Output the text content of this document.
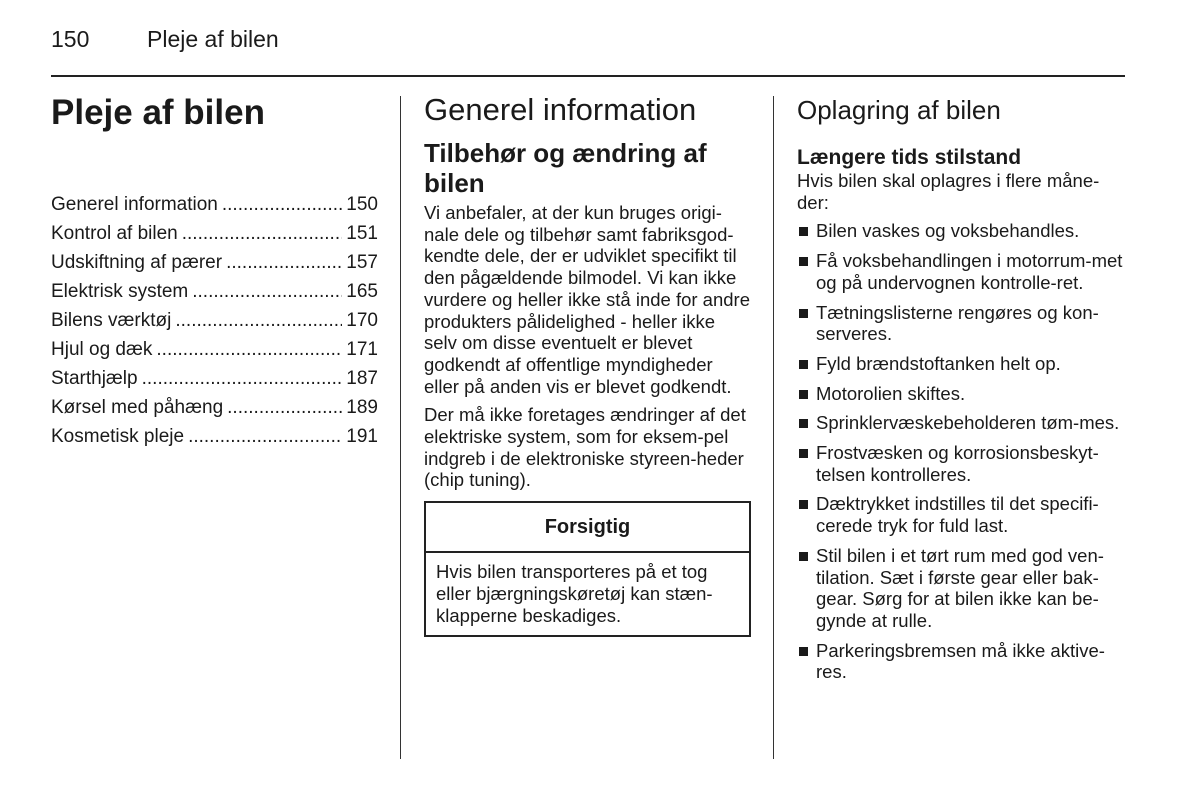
150	Pleje af bilen
Pleje af bilen
Generel information .....	150
Kontrol af bilen .....	151
Udskiftning af pærer .....	157
Elektrisk system .....	165
Bilens værktøj .....	170
Hjul og dæk .....	171
Starthjælp .....	187
Kørsel med påhæng .....	189
Kosmetisk pleje .....	191
Generel information
Tilbehør og ændring af bilen

Vi anbefaler, at der kun bruges origi-nale dele og tilbehør samt fabriksgod-kendte dele, der er udviklet specifikt til den pågældende bilmodel. Vi kan ikke vurdere og heller ikke stå inde for andre produkters pålidelighed - heller ikke selv om disse eventuelt er blevet godkendt af offentlige myndigheder eller på anden vis er blevet godkendt.

Der må ikke foretages ændringer af det elektriske system, som for eksem-pel indgreb i de elektroniske styreen-heder (chip tuning).

Forsigtig

Hvis bilen transporteres på et tog eller bjærgningskøretøj kan stæn-klapperne beskadiges.

Oplagring af bilen
Længere tids stilstand

Hvis bilen skal oplagres i flere måne-der:

Bilen vaskes og voksbehandles.
Få voksbehandlingen i motorrum-met og på undervognen kontrolle-ret.
Tætningslisterne rengøres og kon-serveres.
Fyld brændstoftanken helt op.
Motorolien skiftes.
Sprinklervæskebeholderen tøm-mes.
Frostvæsken og korrosionsbeskyt-telsen kontrolleres.
Dæktrykket indstilles til det specifi-cerede tryk for fuld last.
Stil bilen i et tørt rum med god ven-tilation. Sæt i første gear eller bak-gear. Sørg for at bilen ikke kan be-gynde at rulle.
Parkeringsbremsen må ikke aktive-res.
